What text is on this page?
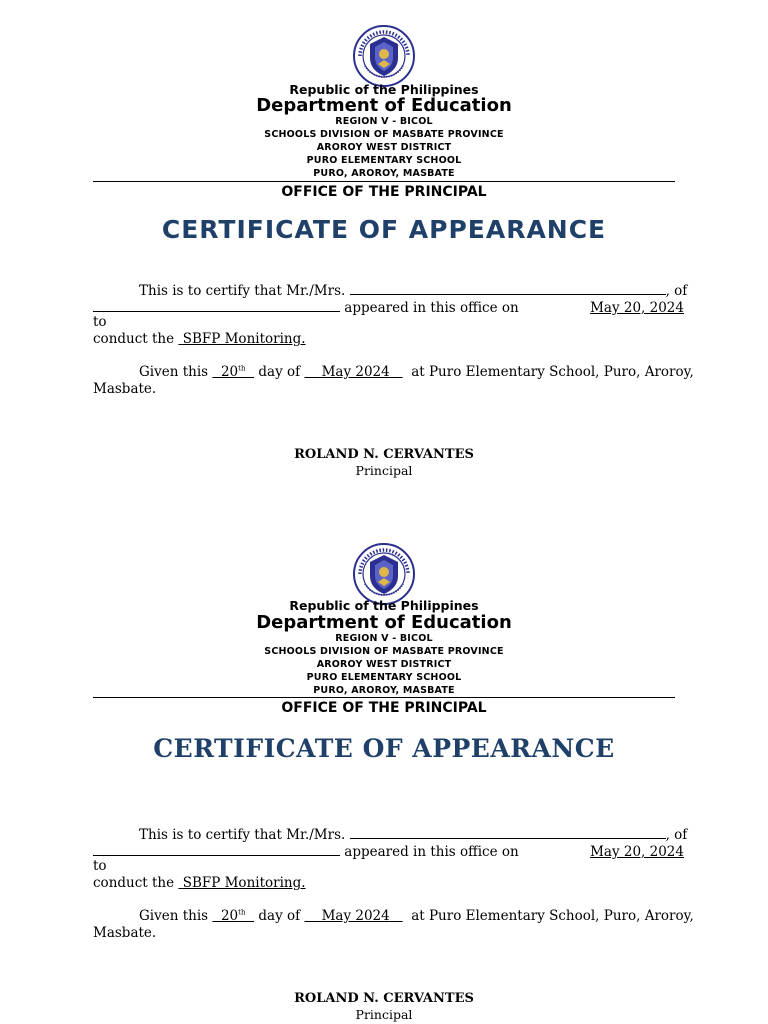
Republic of the Philippines
Department of Education
REGION V - BICOL
SCHOOLS DIVISION OF MASBATE PROVINCE
AROROY WEST DISTRICT
PURO ELEMENTARY SCHOOL
PURO, AROROY, MASBATE
OFFICE OF THE PRINCIPAL
CERTIFICATE OF APPEARANCE
This is to certify that Mr./Mrs.	, of
appeared in this office on	May 20, 2024
to
conduct the SBFP Monitoring.
Given this 20th day of May 2024 at Puro Elementary School, Puro, Aroroy,
Masbate.
ROLAND N. CERVANTES
Principal
Republic of the Philippines
Department of Education
REGION V - BICOL
SCHOOLS DIVISION OF MASBATE PROVINCE
AROROY WEST DISTRICT
PURO ELEMENTARY SCHOOL
PURO, AROROY, MASBATE
OFFICE OF THE PRINCIPAL
CERTIFICATE OF APPEARANCE
This is to certify that Mr./Mrs.	, of
appeared in this office on	May 20, 2024
to
conduct the SBFP Monitoring.
Given this 20th day of May 2024 at Puro Elementary School, Puro, Aroroy,
Masbate.
ROLAND N. CERVANTES
Principal
